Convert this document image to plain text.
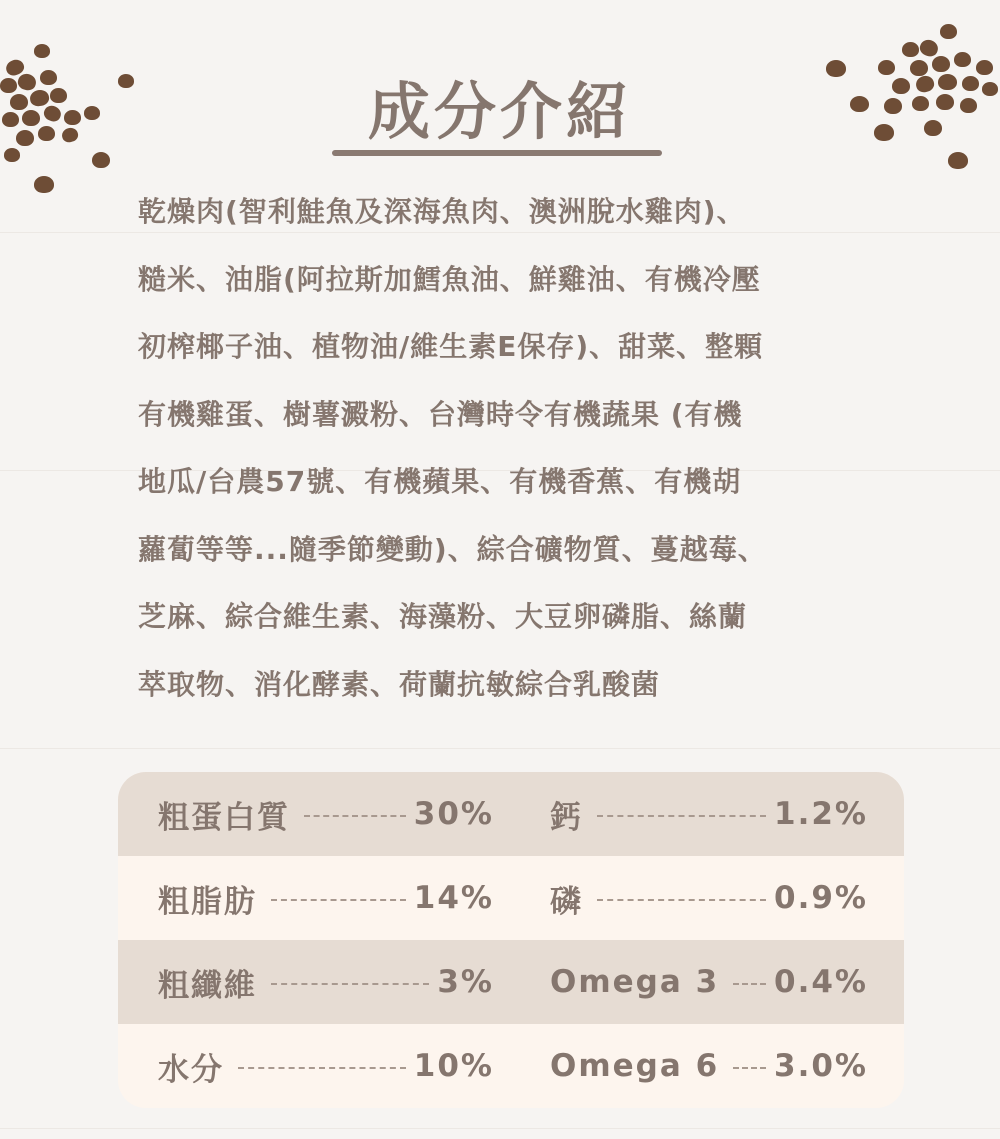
成分介紹
乾燥肉(智利鮭魚及深海魚肉、澳洲脫水雞肉)、
糙米、油脂(阿拉斯加鱈魚油、鮮雞油、有機冷壓
初榨椰子油、植物油/維生素E保存)、甜菜、整顆
有機雞蛋、樹薯澱粉、台灣時令有機蔬果 (有機
地瓜/台農57號、有機蘋果、有機香蕉、有機胡
蘿蔔等等...隨季節變動)、綜合礦物質、蔓越莓、
芝麻、綜合維生素、海藻粉、大豆卵磷脂、絲蘭
萃取物、消化酵素、荷蘭抗敏綜合乳酸菌
粗蛋白質	30% 鈣	1.2%
粗脂肪	14% 磷	0.9%
粗纖維	3% Omega 3 0.4%
水分	10% Omega 6 3.0%
